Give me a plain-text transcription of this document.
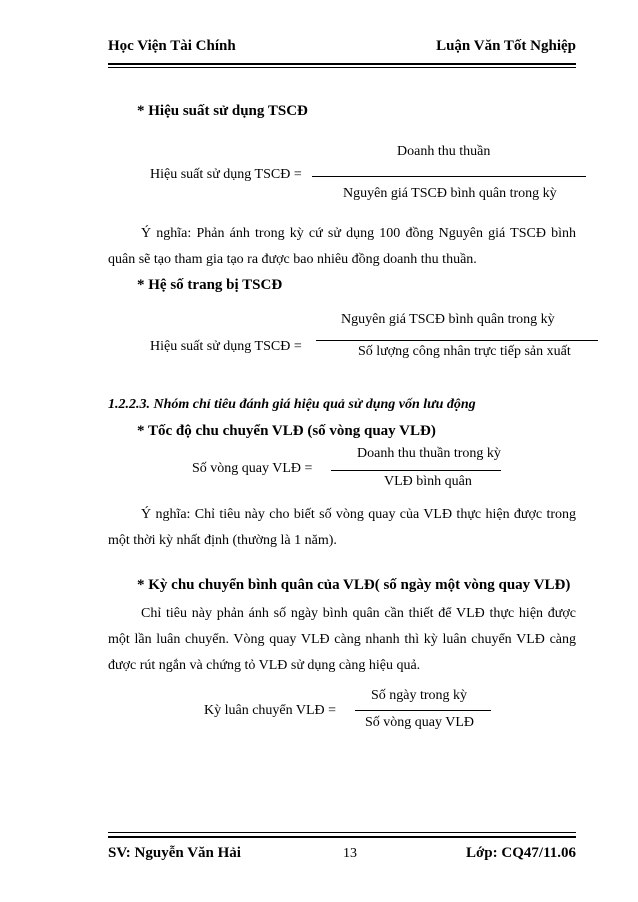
Học Viện Tài Chính	Luận Văn Tốt Nghiệp
* Hiệu suất sử dụng TSCĐ
Doanh thu thuần
Hiệu suất sử dụng TSCĐ =
Nguyên giá TSCĐ bình quân trong kỳ
Ý nghĩa: Phản ánh trong kỳ cứ sử dụng 100 đồng Nguyên giá TSCĐ bình quân sẽ tạo tham gia tạo ra được bao nhiêu đồng doanh thu thuần.
* Hệ số trang bị TSCĐ
Nguyên giá TSCĐ bình quân trong kỳ
Hiệu suất sử dụng TSCĐ =	Số lượng công nhân trực tiếp sản xuất
1.2.2.3. Nhóm chỉ tiêu đánh giá hiệu quả sử dụng vốn lưu động
* Tốc độ chu chuyển VLĐ (số vòng quay VLĐ)
Doanh thu thuần trong kỳ
Số vòng quay VLĐ =
VLĐ bình quân
Ý nghĩa: Chỉ tiêu này cho biết số vòng quay của VLĐ thực hiện được trong một thời kỳ nhất định (thường là 1 năm).
* Kỳ chu chuyển bình quân của VLĐ( số ngày một vòng quay VLĐ)
Chỉ tiêu này phản ánh số ngày bình quân cần thiết để VLĐ thực hiện được một lần luân chuyển. Vòng quay VLĐ càng nhanh thì kỳ luân chuyển VLĐ càng được rút ngắn và chứng tỏ VLĐ sử dụng càng hiệu quả.
Số ngày trong kỳ
Kỳ luân chuyển VLĐ =
Số vòng quay VLĐ
SV: Nguyễn Văn Hải	13	Lớp: CQ47/11.06
